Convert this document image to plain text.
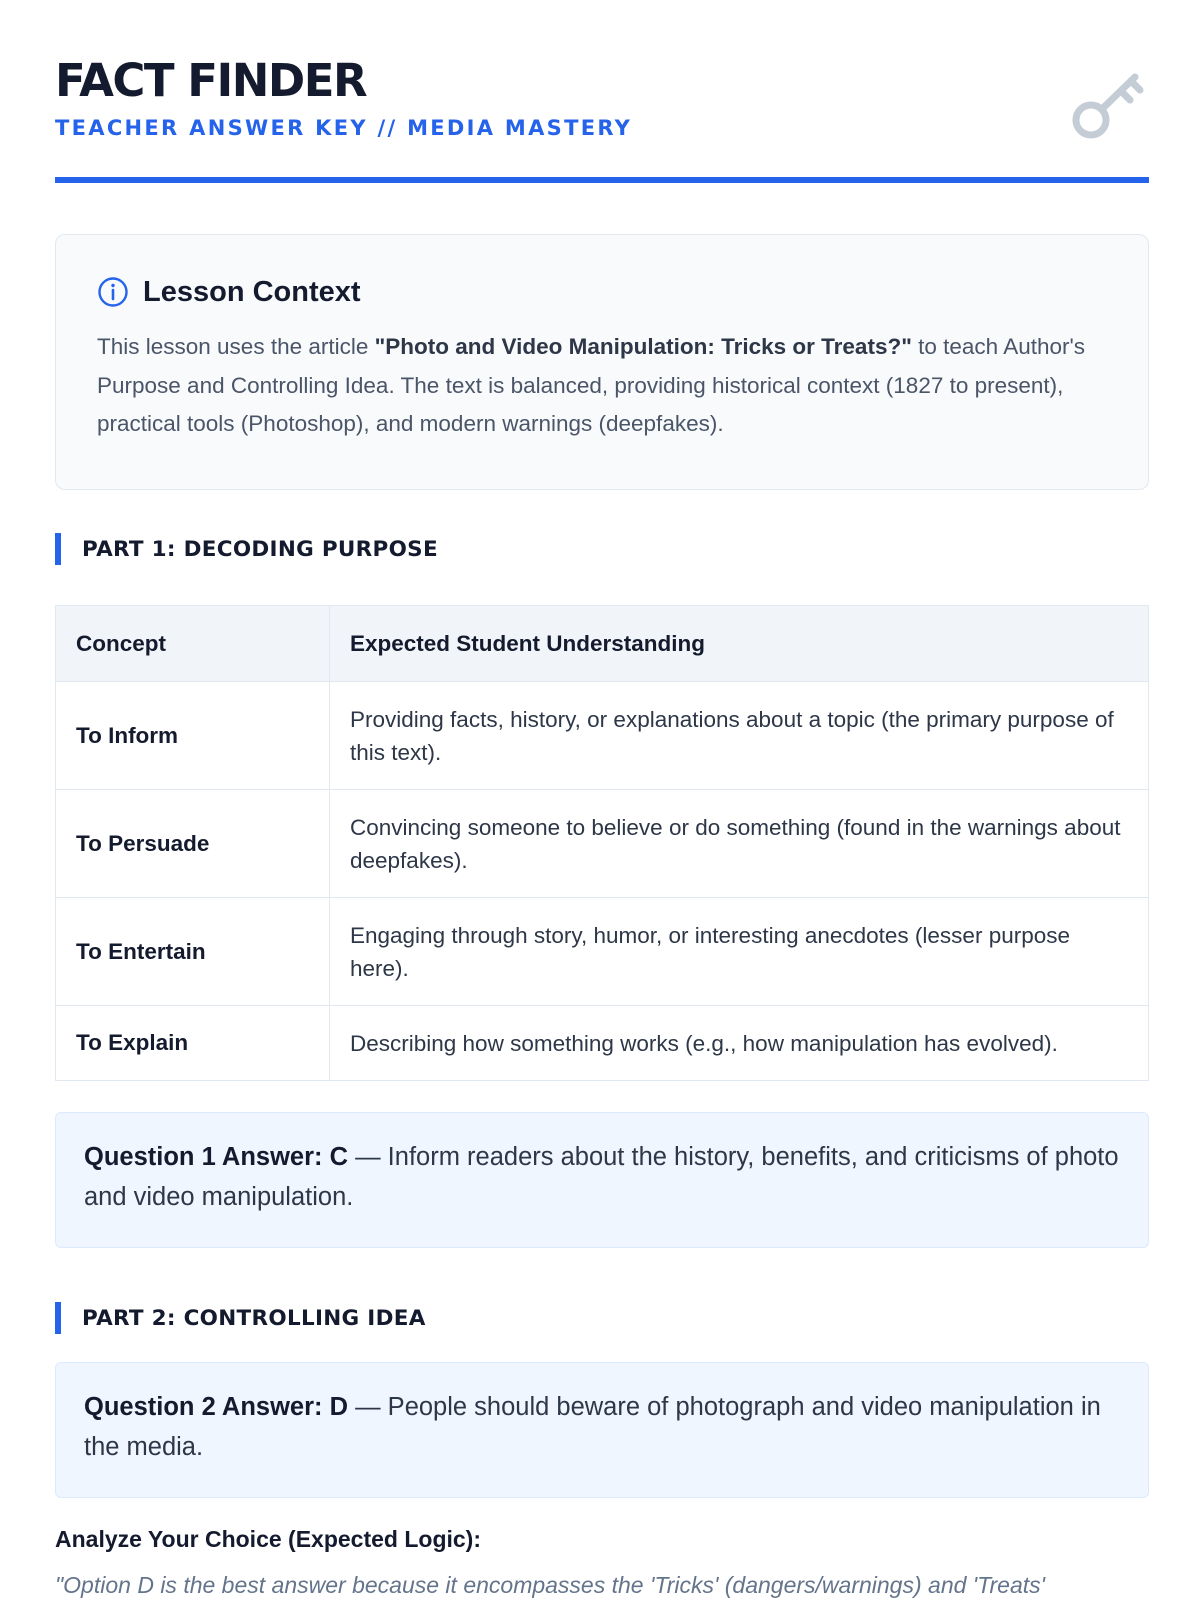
FACT FINDER
TEACHER ANSWER KEY // MEDIA MASTERY
Lesson Context

This lesson uses the article "Photo and Video Manipulation: Tricks or Treats?" to teach Author's Purpose and Controlling Idea. The text is balanced, providing historical context (1827 to present), practical tools (Photoshop), and modern warnings (deepfakes).

PART 1: DECODING PURPOSE
Concept	Expected Student Understanding
To Inform	Providing facts, history, or explanations about a topic (the primary purpose of this text).
To Persuade	Convincing someone to believe or do something (found in the warnings about deepfakes).
To Entertain	Engaging through story, humor, or interesting anecdotes (lesser purpose here).
To Explain	Describing how something works (e.g., how manipulation has evolved).
Question 1 Answer: C — Inform readers about the history, benefits, and criticisms of photo and video manipulation.
PART 2: CONTROLLING IDEA
Question 2 Answer: D — People should beware of photograph and video manipulation in the media.
Analyze Your Choice (Expected Logic):
"Option D is the best answer because it encompasses the 'Tricks' (dangers/warnings) and 'Treats'
